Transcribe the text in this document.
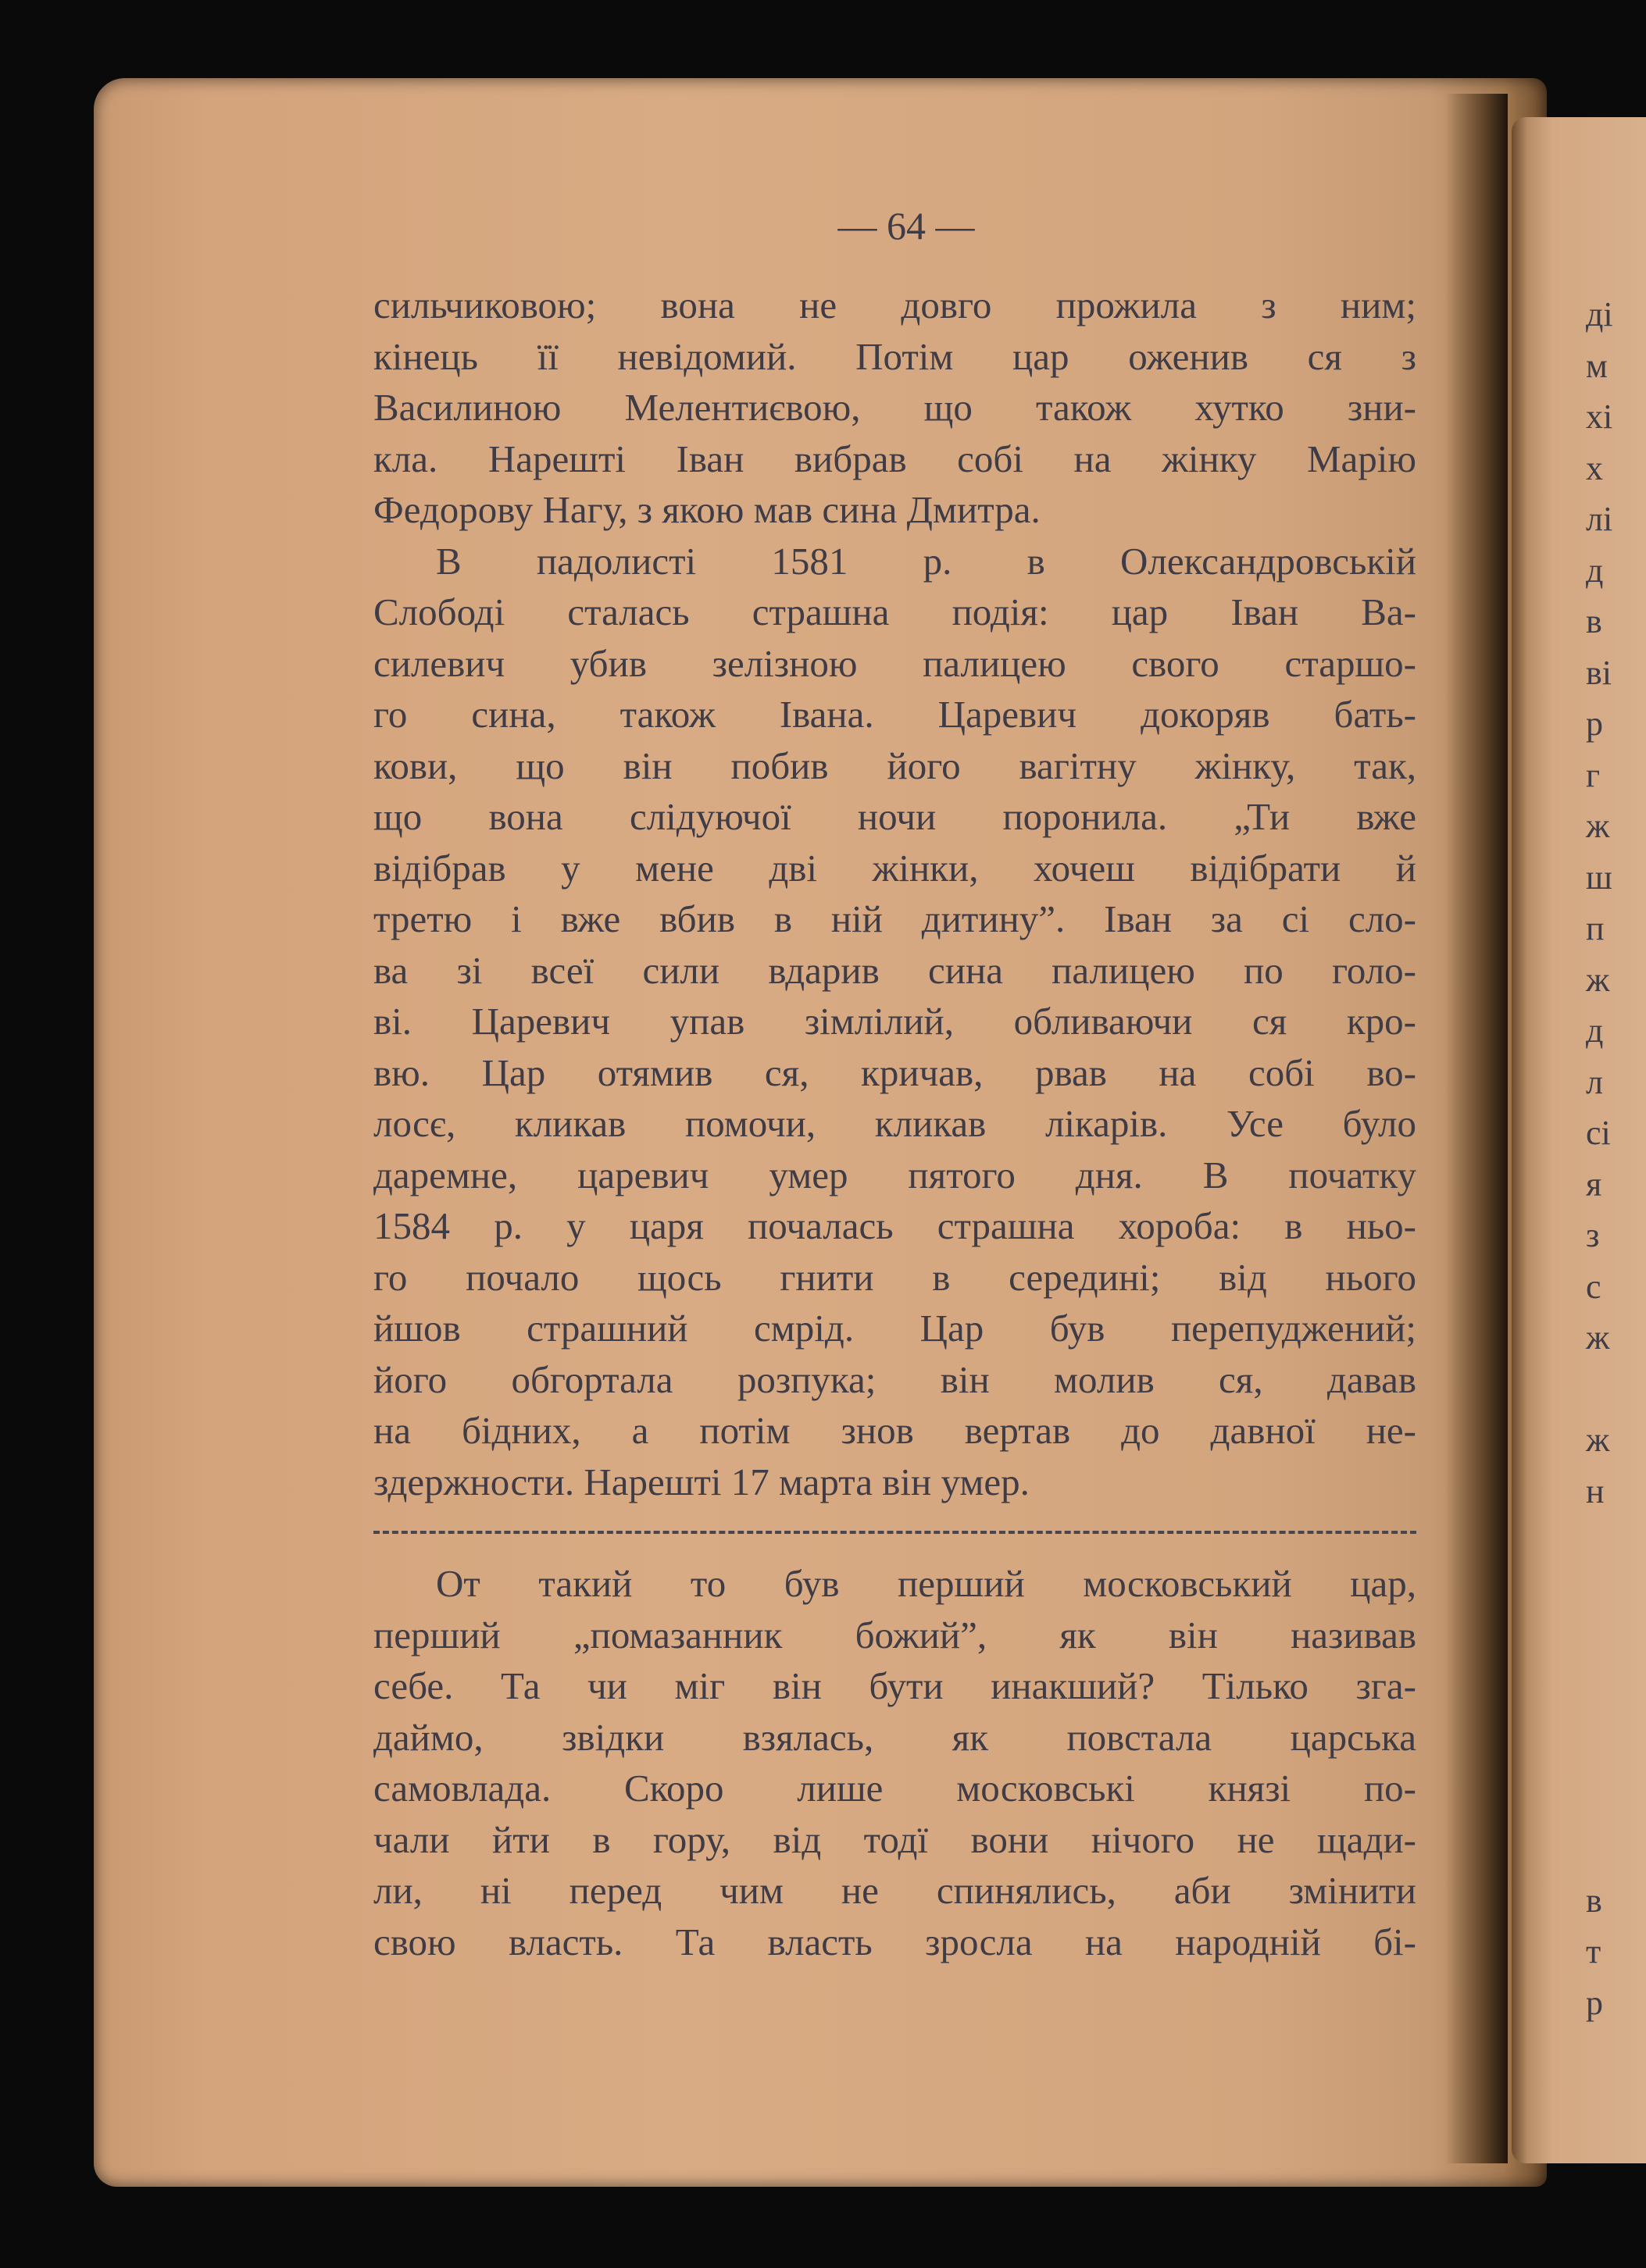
— 64 —
сильчиковою; вона не довго прожила з ним;
кінець її невідомий. Потім цар оженив ся з
Василиною Мелентиєвою, що також хутко зни-
кла. Нарешті Іван вибрав собі на жінку Марію
Федорову Нагу, з якою мав сина Дмитра.
В падолисті 1581 р. в Олександровській
Слободі сталась страшна подія: цар Іван Ва-
силевич убив зелізною палицею свого старшо-
го сина, також Івана. Царевич докоряв бать-
кови, що він побив його вагітну жінку, так,
що вона слідуючої ночи поронила. „Ти вже
відібрав у мене дві жінки, хочеш відібрати й
третю і вже вбив в ній дитину”. Іван за сі сло-
ва зі всеї сили вдарив сина палицею по голо-
ві. Царевич упав зімлілий, обливаючи ся кро-
вю. Цар отямив ся, кричав, рвав на собі во-
лосє, кликав помочи, кликав лікарів. Усе було
даремне, царевич умер пятого дня. В початку
1584 р. у царя почалась страшна хороба: в ньо-
го почало щось гнити в середині; від нього
йшов страшний смрід. Цар був перепуджений;
його обгортала розпука; він молив ся, давав
на бідних, а потім знов вертав до давної не-
здержности. Нарешті 17 марта він умер.
От такий то був перший московський цар,
перший „помазанник божий”, як він називав
себе. Та чи міг він бути инакший? Тілько зга-
даймо, звідки взялась, як повстала царська
самовлада. Скоро лише московські князі по-
чали йти в гору, від тодї вони нічого не щади-
ли, ні перед чим не спинялись, аби змінити
свою власть. Та власть зросла на народній бі-
ді
м
хі
х
лі
д
в
ві
р
г
ж
ш
п
ж
д
л
сі
я
з
с
ж
ж
н
в
т
р
